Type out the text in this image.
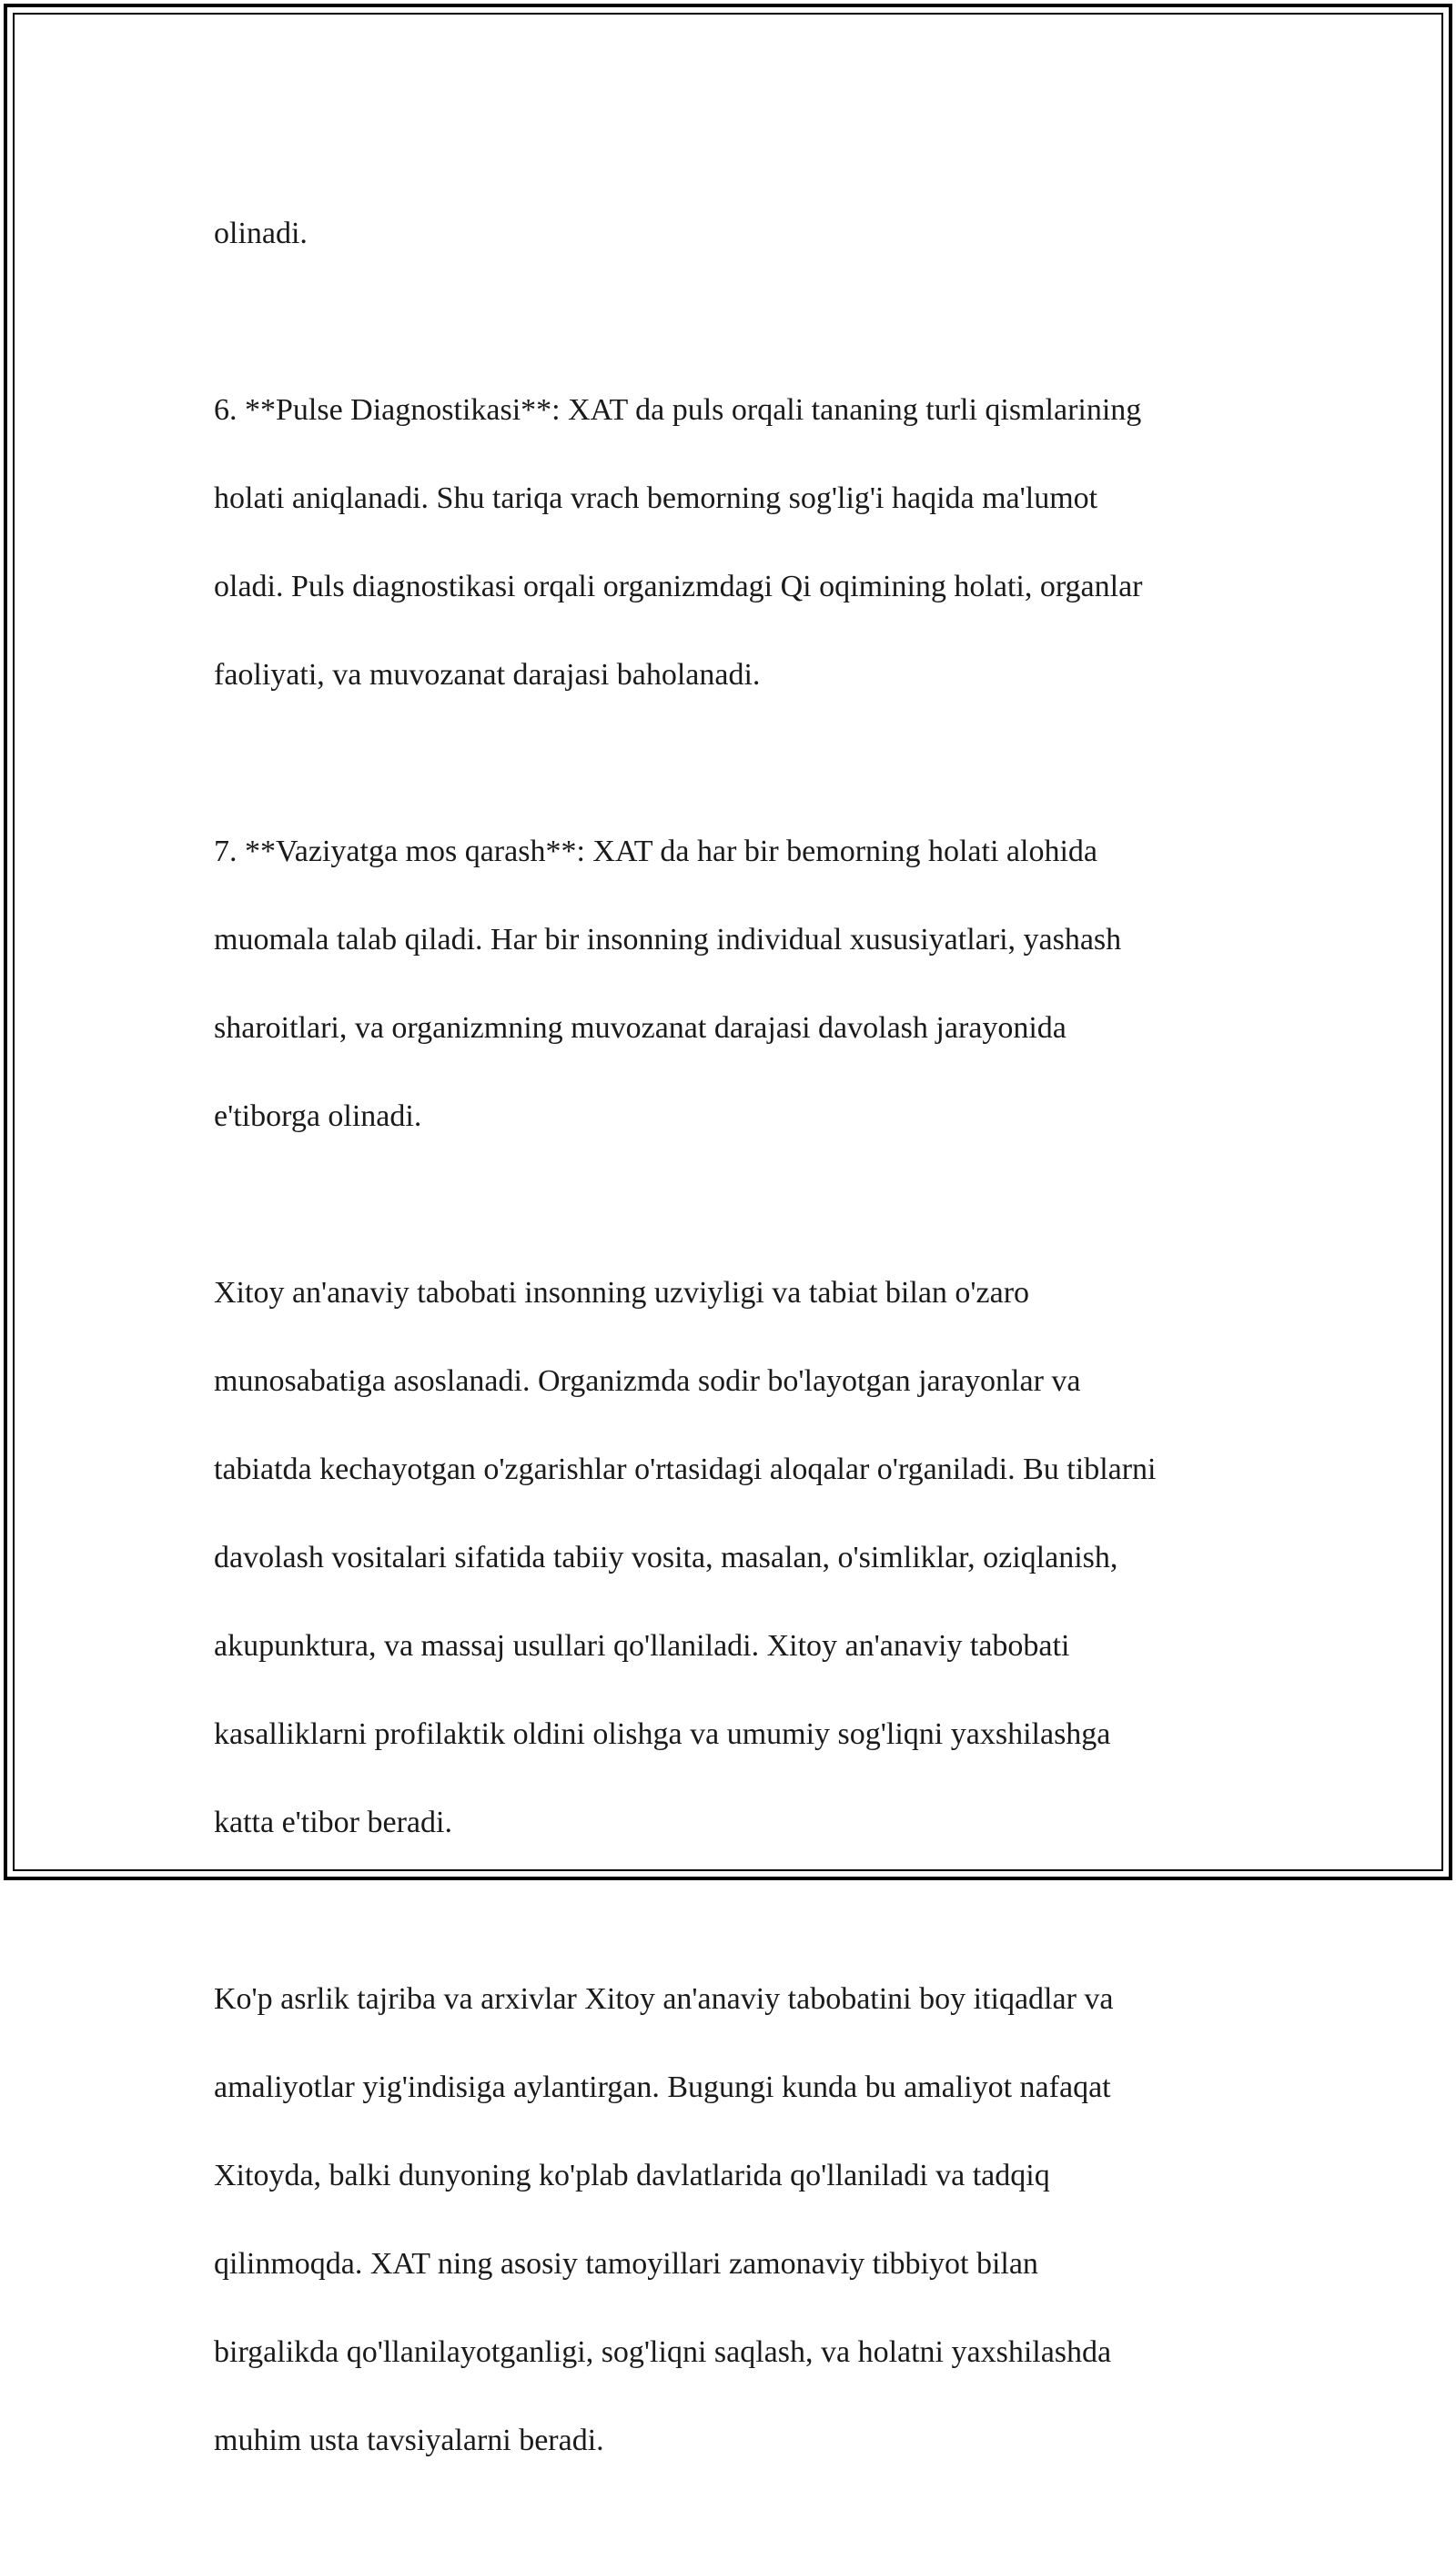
olinadi.

6. **Pulse Diagnostikasi**: XAT da puls orqali tananing turli qismlarining

holati aniqlanadi. Shu tariqa vrach bemorning sog'lig'i haqida ma'lumot

oladi. Puls diagnostikasi orqali organizmdagi Qi oqimining holati, organlar

faoliyati, va muvozanat darajasi baholanadi.

7. **Vaziyatga mos qarash**: XAT da har bir bemorning holati alohida

muomala talab qiladi. Har bir insonning individual xususiyatlari, yashash

sharoitlari, va organizmning muvozanat darajasi davolash jarayonida

e'tiborga olinadi.

Xitoy an'anaviy tabobati insonning uzviyligi va tabiat bilan o'zaro

munosabatiga asoslanadi. Organizmda sodir bo'layotgan jarayonlar va

tabiatda kechayotgan o'zgarishlar o'rtasidagi aloqalar o'rganiladi. Bu tiblarni

davolash vositalari sifatida tabiiy vosita, masalan, o'simliklar, oziqlanish,

akupunktura, va massaj usullari qo'llaniladi. Xitoy an'anaviy tabobati

kasalliklarni profilaktik oldini olishga va umumiy sog'liqni yaxshilashga

katta e'tibor beradi.

Ko'p asrlik tajriba va arxivlar Xitoy an'anaviy tabobatini boy itiqadlar va

amaliyotlar yig'indisiga aylantirgan. Bugungi kunda bu amaliyot nafaqat

Xitoyda, balki dunyoning ko'plab davlatlarida qo'llaniladi va tadqiq

qilinmoqda. XAT ning asosiy tamoyillari zamonaviy tibbiyot bilan

birgalikda qo'llanilayotganligi, sog'liqni saqlash, va holatni yaxshilashda

muhim usta tavsiyalarni beradi.
